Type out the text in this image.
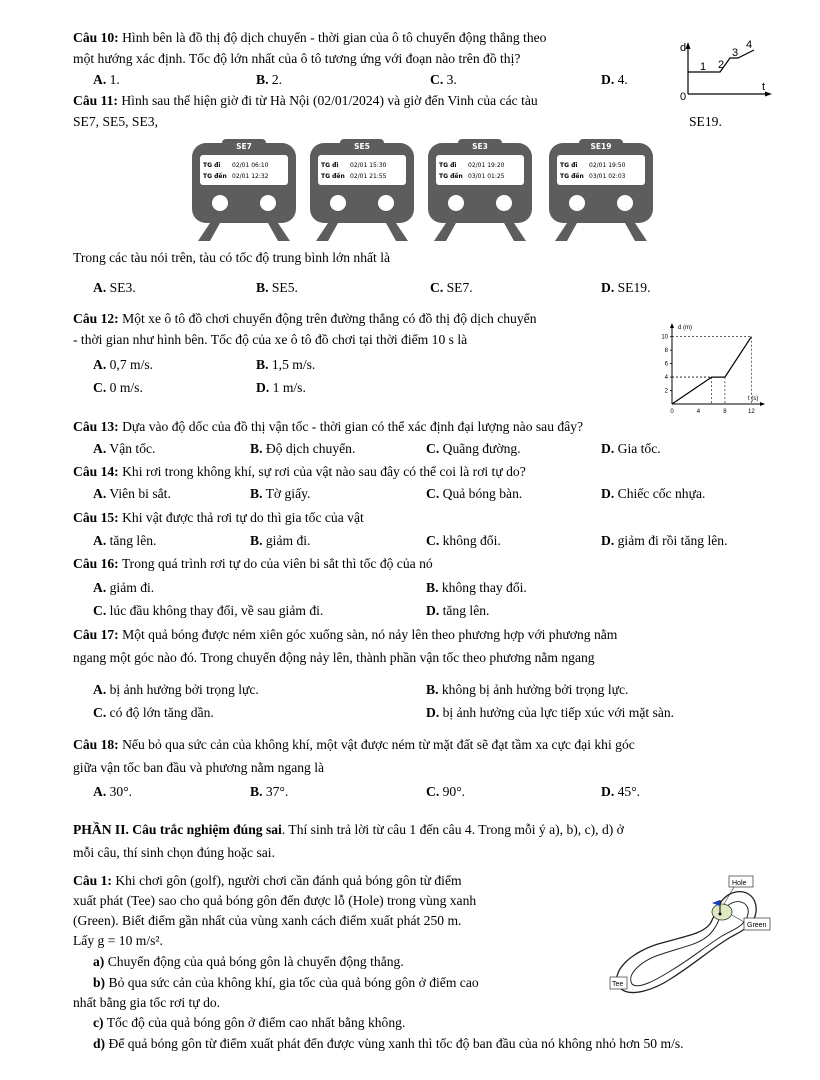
Câu 10: Hình bên là đồ thị độ dịch chuyển - thời gian của ô tô chuyển động thẳng theo
một hướng xác định. Tốc độ lớn nhất của ô tô tương ứng với đoạn nào trên đồ thị?
A. 1.	B. 2.	C. 3.	D. 4.
d
t
0
1 2
3
4
Câu 11: Hình sau thể hiện giờ đi từ Hà Nội (02/01/2024) và giờ đến Vinh của các tàu
SE7, SE5, SE3,	SE19.
SE7
TG đi 02/01 06:10
TG đến 02/01 12:32
SE5
TG đi 02/01 15:30
TG đến 02/01 21:55
SE3
TG đi 02/01 19:20
TG đến 03/01 01:25
SE19
TG đi 02/01 19:50
TG đến 03/01 02:03
Trong các tàu nói trên, tàu có tốc độ trung bình lớn nhất là
A. SE3.	B. SE5.	C. SE7.	D. SE19.
Câu 12: Một xe ô tô đồ chơi chuyển động trên đường thẳng có đồ thị độ dịch chuyển
- thời gian như hình bên. Tốc độ của xe ô tô đồ chơi tại thời điểm 10 s là
A. 0,7 m/s.	B. 1,5 m/s.
C. 0 m/s.	D. 1 m/s.
d (m)
t (s)
2
4
6
8
10
0	4	8	12
Câu 13: Dựa vào độ dốc của đồ thị vận tốc - thời gian có thể xác định đại lượng nào sau đây?
A. Vận tốc.	B. Độ dịch chuyển.	C. Quãng đường.	D. Gia tốc.
Câu 14: Khi rơi trong không khí, sự rơi của vật nào sau đây có thể coi là rơi tự do?
A. Viên bi sắt.	B. Tờ giấy.	C. Quả bóng bàn.	D. Chiếc cốc nhựa.
Câu 15: Khi vật được thả rơi tự do thì gia tốc của vật
A. tăng lên.	B. giảm đi.	C. không đổi.	D. giảm đi rồi tăng lên.
Câu 16: Trong quá trình rơi tự do của viên bi sắt thì tốc độ của nó
A. giảm đi.	B. không thay đổi.
C. lúc đầu không thay đổi, về sau giảm đi.	D. tăng lên.
Câu 17: Một quả bóng được ném xiên góc xuống sàn, nó nảy lên theo phương hợp với phương nằm
ngang một góc nào đó. Trong chuyển động nảy lên, thành phần vận tốc theo phương nằm ngang
A. bị ảnh hưởng bởi trọng lực.	B. không bị ảnh hưởng bởi trọng lực.
C. có độ lớn tăng dần.	D. bị ảnh hưởng của lực tiếp xúc với mặt sàn.
Câu 18: Nếu bỏ qua sức cản của không khí, một vật được ném từ mặt đất sẽ đạt tầm xa cực đại khi góc
giữa vận tốc ban đầu và phương nằm ngang là
A. 30°.	B. 37°.	C. 90°.	D. 45°.
PHẦN II. Câu trắc nghiệm đúng sai. Thí sinh trả lời từ câu 1 đến câu 4. Trong mỗi ý a), b), c), d) ở
mỗi câu, thí sinh chọn đúng hoặc sai.
Câu 1: Khi chơi gôn (golf), người chơi cần đánh quả bóng gôn từ điểm
xuất phát (Tee) sao cho quả bóng gôn đến được lỗ (Hole) trong vùng xanh
(Green). Biết điểm gần nhất của vùng xanh cách điểm xuất phát 250 m.
Lấy g = 10 m/s².
a) Chuyển động của quả bóng gôn là chuyển động thẳng.
b) Bỏ qua sức cản của không khí, gia tốc của quả bóng gôn ở điểm cao
nhất bằng gia tốc rơi tự do.
c) Tốc độ của quả bóng gôn ở điểm cao nhất bằng không.
d) Để quả bóng gôn từ điểm xuất phát đến được vùng xanh thì tốc độ ban đầu của nó không nhỏ hơn 50 m/s.
Hole
Green
Tee
